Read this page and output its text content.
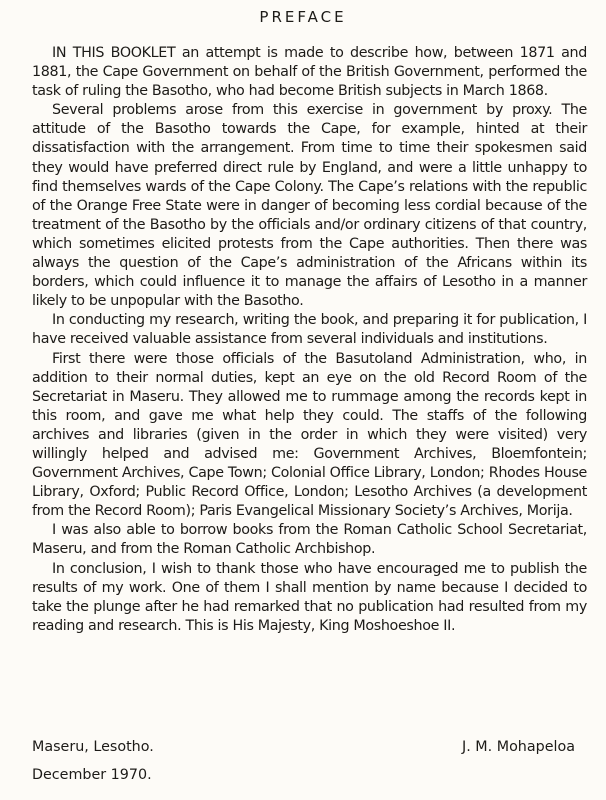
PREFACE

IN THIS BOOKLET an attempt is made to describe how, between 1871 and 1881, the Cape Government on behalf of the British Government, performed the task of ruling the Basotho, who had become British subjects in March 1868.

Several problems arose from this exercise in government by proxy. The attitude of the Basotho towards the Cape, for example, hinted at their dissatisfaction with the arrangement. From time to time their spokesmen said they would have preferred direct rule by England, and were a little unhappy to find themselves wards of the Cape Colony. The Cape’s relations with the republic of the Orange Free State were in danger of becoming less cordial because of the treatment of the Basotho by the officials and/or ordinary citizens of that country, which sometimes elicited protests from the Cape authorities. Then there was always the question of the Cape’s administration of the Africans within its borders, which could influence it to manage the affairs of Lesotho in a manner likely to be unpopular with the Basotho.

In conducting my research, writing the book, and preparing it for publication, I have received valuable assistance from several individuals and institutions.

First there were those officials of the Basutoland Administration, who, in addition to their normal duties, kept an eye on the old Record Room of the Secretariat in Maseru. They allowed me to rummage among the records kept in this room, and gave me what help they could. The staffs of the following archives and libraries (given in the order in which they were visited) very willingly helped and advised me: Government Archives, Bloemfontein; Government Archives, Cape Town; Colonial Office Library, London; Rhodes House Library, Oxford; Public Record Office, London; Lesotho Archives (a development from the Record Room); Paris Evangelical Missionary Society’s Archives, Morija.

I was also able to borrow books from the Roman Catholic School Secretariat, Maseru, and from the Roman Catholic Archbishop.

In conclusion, I wish to thank those who have encouraged me to publish the results of my work. One of them I shall mention by name because I decided to take the plunge after he had remarked that no publication had resulted from my reading and research. This is His Majesty, King Moshoeshoe II.

Maseru, Lesotho.	J. M. Mohapeloa
December 1970.
